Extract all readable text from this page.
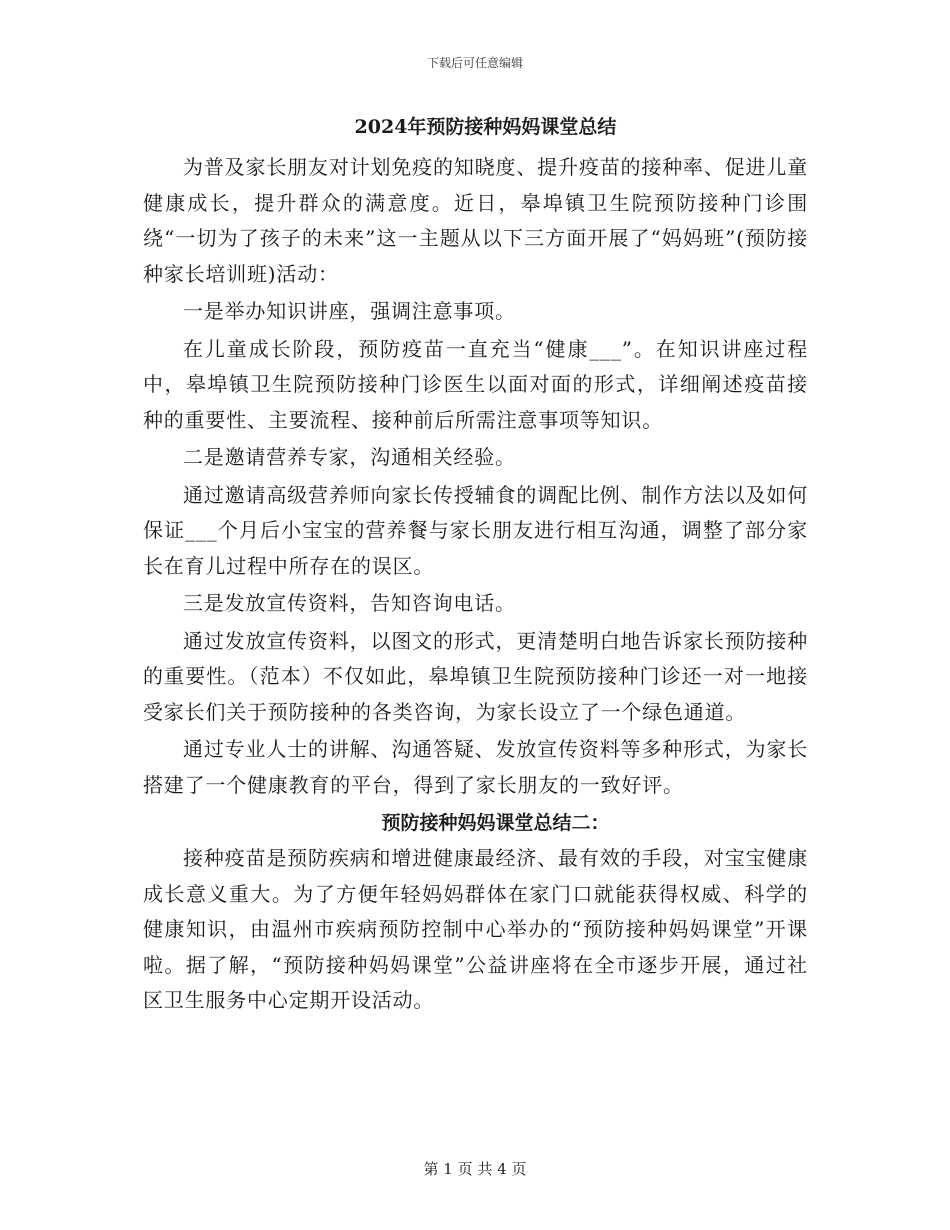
下载后可任意编辑
2024年预防接种妈妈课堂总结

为普及家长朋友对计划免疫的知晓度、提升疫苗的接种率、促进儿童健康成长，提升群众的满意度。近日，皋埠镇卫生院预防接种门诊围绕“一切为了孩子的未来”这一主题从以下三方面开展了“妈妈班”(预防接种家长培训班)活动：

一是举办知识讲座，强调注意事项。

在儿童成长阶段，预防疫苗一直充当“健康___”。在知识讲座过程中，皋埠镇卫生院预防接种门诊医生以面对面的形式，详细阐述疫苗接种的重要性、主要流程、接种前后所需注意事项等知识。

二是邀请营养专家，沟通相关经验。

通过邀请高级营养师向家长传授辅食的调配比例、制作方法以及如何保证___个月后小宝宝的营养餐与家长朋友进行相互沟通，调整了部分家长在育儿过程中所存在的误区。

三是发放宣传资料，告知咨询电话。

通过发放宣传资料，以图文的形式，更清楚明白地告诉家长预防接种的重要性。（范本）不仅如此，皋埠镇卫生院预防接种门诊还一对一地接受家长们关于预防接种的各类咨询，为家长设立了一个绿色通道。

通过专业人士的讲解、沟通答疑、发放宣传资料等多种形式，为家长搭建了一个健康教育的平台，得到了家长朋友的一致好评。

预防接种妈妈课堂总结二：

接种疫苗是预防疾病和增进健康最经济、最有效的手段，对宝宝健康成长意义重大。为了方便年轻妈妈群体在家门口就能获得权威、科学的健康知识，由温州市疾病预防控制中心举办的“预防接种妈妈课堂”开课啦。据了解，“预防接种妈妈课堂”公益讲座将在全市逐步开展，通过社区卫生服务中心定期开设活动。

第 1 页 共 4 页
